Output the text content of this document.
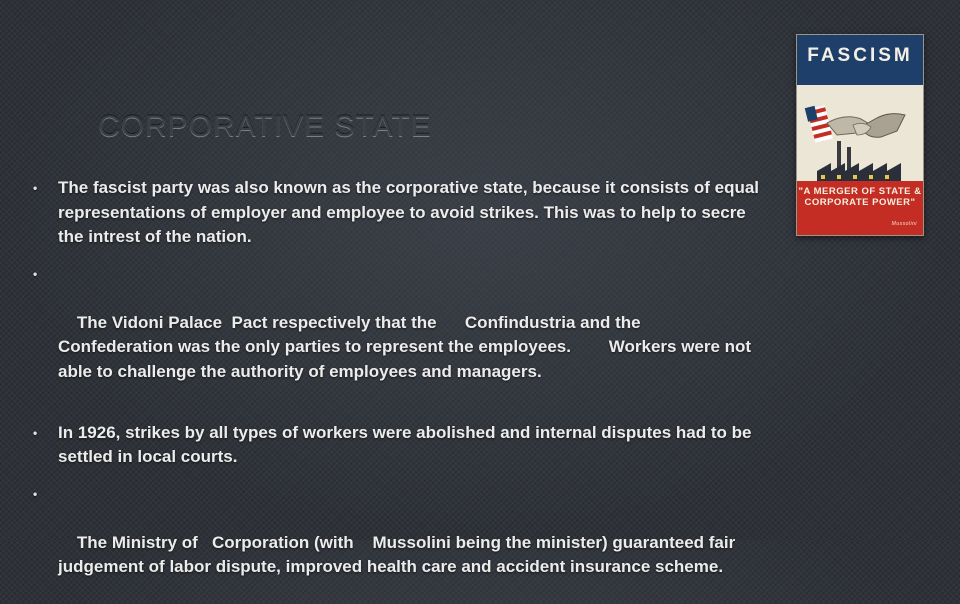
CORPORATIVE STATE
• The fascist party was also known as the corporative state, because it consists of equal representations of employer and employee to avoid strikes. This was to help to secre the intrest of the nation.

•

The Vidoni Palace  Pact respectively that the      Confindustria and the Confederation was the only parties to represent the employees.        Workers were not able to challenge the authority of employees and managers.

• In 1926, strikes by all types of workers were abolished and internal disputes had to be settled in local courts.

•

The Ministry of   Corporation (with    Mussolini being the minister) guaranteed fair judgement of labor dispute, improved health care and accident insurance scheme.

FASCISM
"A MERGER OF STATE & CORPORATE POWER"
Mussolini
